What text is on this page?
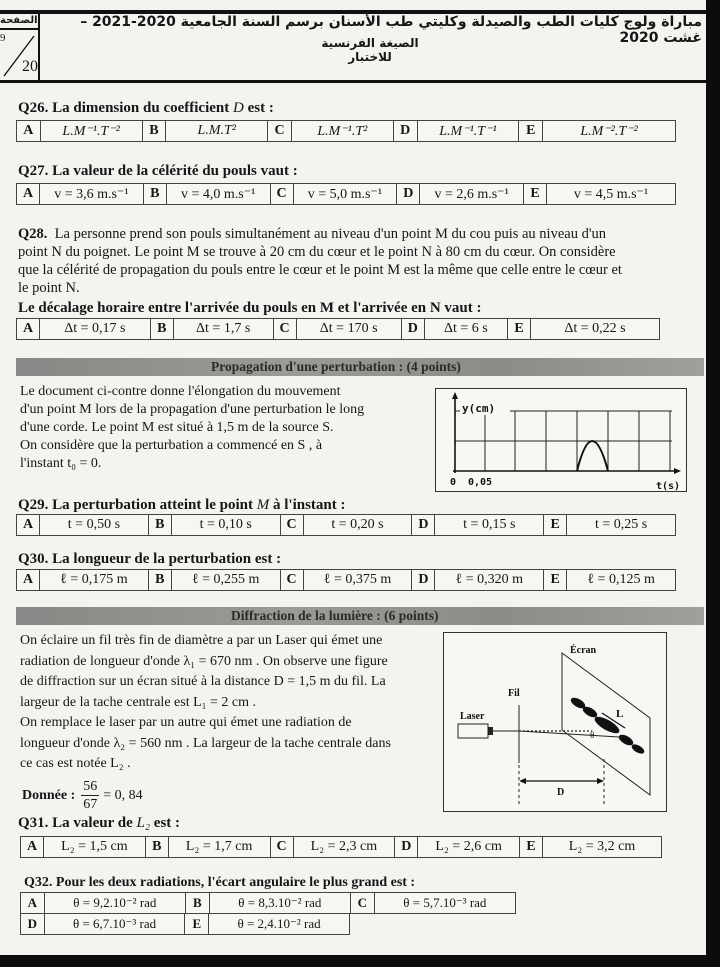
الصفحة
9
20
مباراة ولوج كليات الطب والصيدلة وكليتي طب الأسنان برسم السنة الجامعية 2020-2021 – غشت 2020
الصيغة الفرنسية للاختبار
Q26. La dimension du coefficient D est :
A	L.M⁻¹.T⁻²	B	L.M.T²	C	L.M⁻¹.T²	D	L.M⁻¹.T⁻¹	E	L.M⁻².T⁻²
Q27. La valeur de la célérité du pouls vaut :
A	v = 3,6 m.s⁻¹	B	v = 4,0 m.s⁻¹	C	v = 5,0 m.s⁻¹	D	v = 2,6 m.s⁻¹	E	v = 4,5 m.s⁻¹
Q28. La personne prend son pouls simultanément au niveau d'un point M du cou puis au niveau d'un
point N du poignet. Le point M se trouve à 20 cm du cœur et le point N à 80 cm du cœur. On considère
que la célérité de propagation du pouls entre le cœur et le point M est la même que celle entre le cœur et
le point N.
Le décalage horaire entre l'arrivée du pouls en M et l'arrivée en N vaut :
A	Δt = 0,17 s	B	Δt = 1,7 s	C	Δt = 170 s	D	Δt = 6 s	E	Δt = 0,22 s
Propagation d'une perturbation : (4 points)
Le document ci-contre donne l'élongation du mouvement
d'un point M lors de la propagation d'une perturbation le long
d'une corde. Le point M est situé à 1,5 m de la source S.
On considère que la perturbation a commencé en S , à
l'instant t₀ = 0.
y(cm)
0 0,05	t(s)
Q29. La perturbation atteint le point M à l'instant :
A	t = 0,50 s	B	t = 0,10 s	C	t = 0,20 s	D	t = 0,15 s	E	t = 0,25 s
Q30. La longueur de la perturbation est :
A	ℓ = 0,175 m	B	ℓ = 0,255 m	C	ℓ = 0,375 m	D	ℓ = 0,320 m	E	ℓ = 0,125 m
Diffraction de la lumière : (6 points)
On éclaire un fil très fin de diamètre a par un Laser qui émet une
radiation de longueur d'onde λ₁ = 670 nm . On observe une figure
de diffraction sur un écran situé à la distance D = 1,5 m du fil. La
largeur de la tache centrale est L₁ = 2 cm .
On remplace le laser par un autre qui émet une radiation de
longueur d'onde λ₂ = 560 nm . La largeur de la tache centrale dans
ce cas est notée L₂ .
Donnée : $\frac{56}{67} = 0$, 84
Écran
Fil
Laser	L
θ
D
Q31. La valeur de L₂ est :
A	L₂ = 1,5 cm	B	L₂ = 1,7 cm	C	L₂ = 2,3 cm	D	L₂ = 2,6 cm	E	L₂ = 3,2 cm
Q32. Pour les deux radiations, l'écart angulaire le plus grand est :
A	θ = 9,2.10⁻² rad	B	θ = 8,3.10⁻² rad	C	θ = 5,7.10⁻³ rad
D	θ = 6,7.10⁻³ rad	E	θ = 2,4.10⁻² rad
